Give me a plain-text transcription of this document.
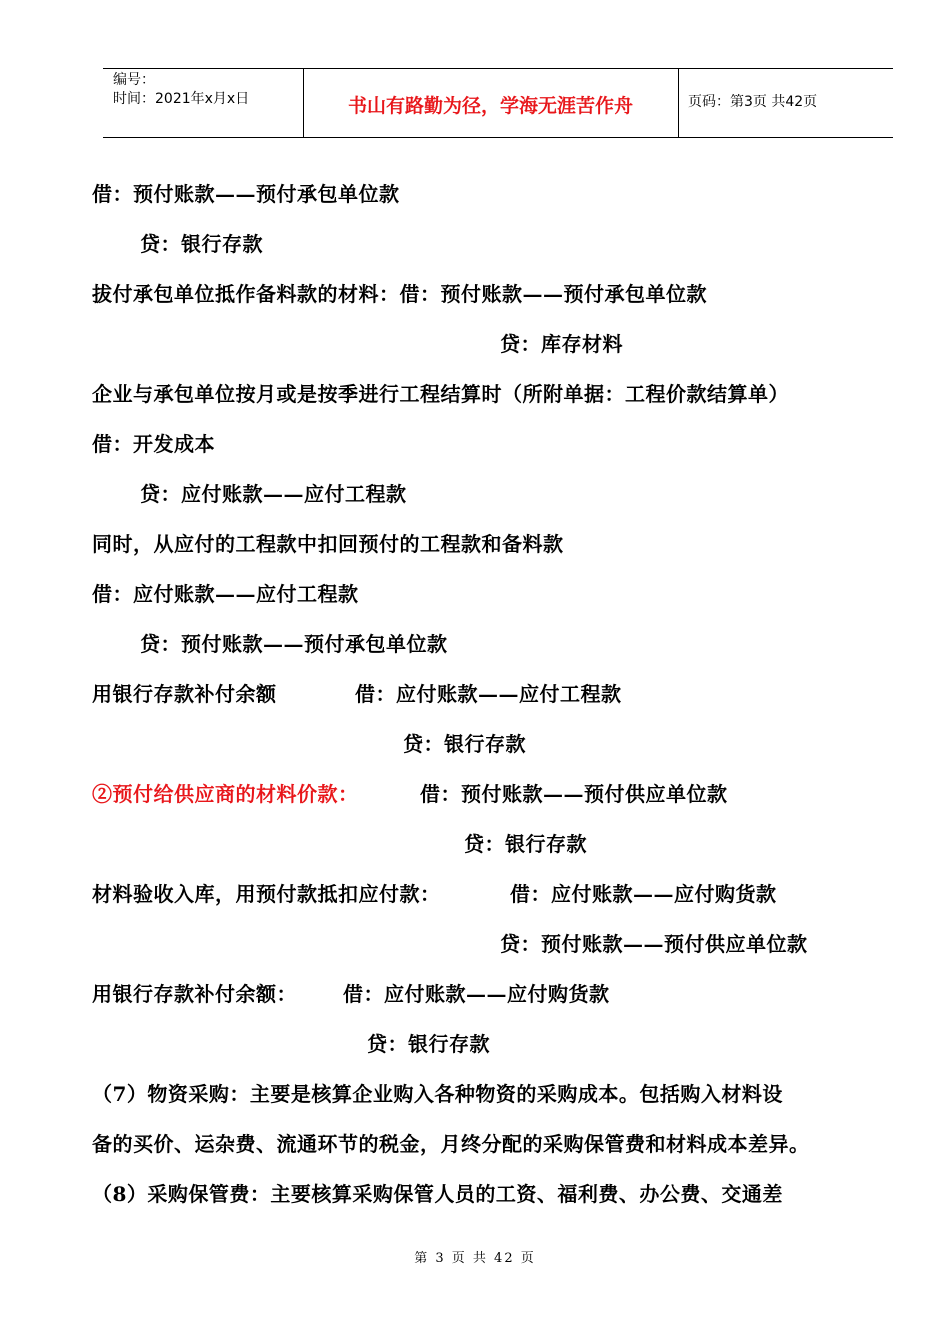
编号：
时间：2021年x月x日	书山有路勤为径，学海无涯苦作舟	页码：第3页 共42页
借：预付账款——预付承包单位款
贷：银行存款
拔付承包单位抵作备料款的材料：借：预付账款——预付承包单位款
贷：库存材料
企业与承包单位按月或是按季进行工程结算时（所附单据：工程价款结算单）
借：开发成本
贷：应付账款——应付工程款
同时，从应付的工程款中扣回预付的工程款和备料款
借：应付账款——应付工程款
贷：预付账款——预付承包单位款
用银行存款补付余额	借：应付账款——应付工程款
贷：银行存款
②预付给供应商的材料价款：	借：预付账款——预付供应单位款
贷：银行存款
材料验收入库，用预付款抵扣应付款：	借：应付账款——应付购货款
贷：预付账款——预付供应单位款
用银行存款补付余额： 借：应付账款——应付购货款
贷：银行存款
（7）物资采购：主要是核算企业购入各种物资的采购成本。包括购入材料设
备的买价、运杂费、流通环节的税金，月终分配的采购保管费和材料成本差异。
（8）采购保管费：主要核算采购保管人员的工资、福利费、办公费、交通差
第 3 页 共 42 页
